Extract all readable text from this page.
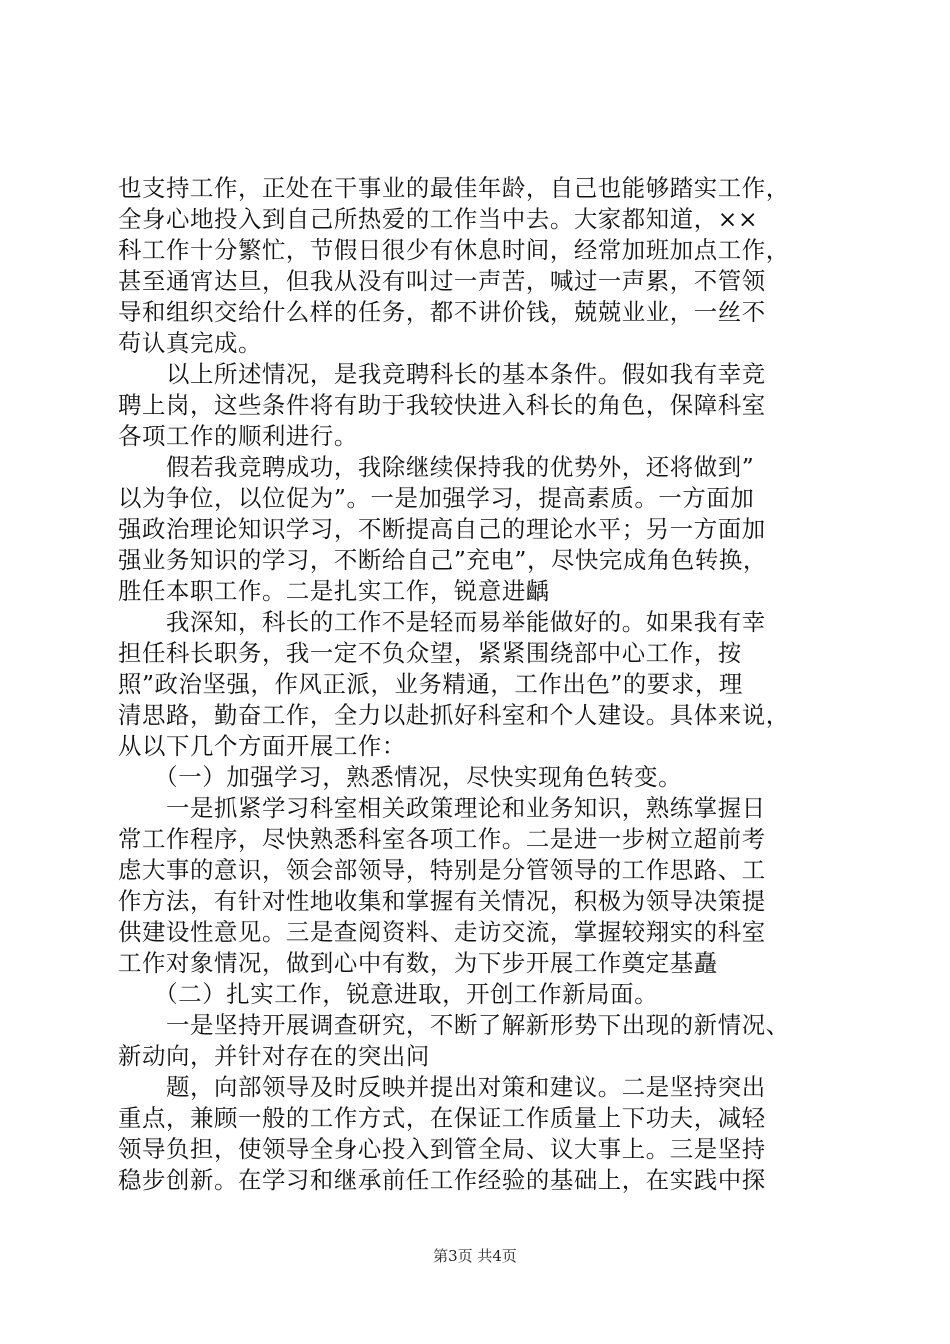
也支持工作，正处在干事业的最佳年龄，自己也能够踏实工作，
全身心地投入到自己所热爱的工作当中去。大家都知道，××
科工作十分繁忙，节假日很少有休息时间，经常加班加点工作，
甚至通宵达旦，但我从没有叫过一声苦，喊过一声累，不管领
导和组织交给什么样的任务，都不讲价钱，兢兢业业，一丝不
苟认真完成。
　　以上所述情况，是我竞聘科长的基本条件。假如我有幸竞
聘上岗，这些条件将有助于我较快进入科长的角色，保障科室
各项工作的顺利进行。
　　假若我竞聘成功，我除继续保持我的优势外，还将做到”
以为争位，以位促为”。一是加强学习，提高素质。一方面加
强政治理论知识学习，不断提高自己的理论水平；另一方面加
强业务知识的学习，不断给自己”充电”，尽快完成角色转换，
胜任本职工作。二是扎实工作，锐意进齲
　　我深知，科长的工作不是轻而易举能做好的。如果我有幸
担任科长职务，我一定不负众望，紧紧围绕部中心工作，按
照”政治坚强，作风正派，业务精通，工作出色”的要求，理
清思路，勤奋工作，全力以赴抓好科室和个人建设。具体来说，
从以下几个方面开展工作：
　　（一）加强学习，熟悉情况，尽快实现角色转变。
　　一是抓紧学习科室相关政策理论和业务知识，熟练掌握日
常工作程序，尽快熟悉科室各项工作。二是进一步树立超前考
虑大事的意识，领会部领导，特别是分管领导的工作思路、工
作方法，有针对性地收集和掌握有关情况，积极为领导决策提
供建设性意见。三是查阅资料、走访交流，掌握较翔实的科室
工作对象情况，做到心中有数，为下步开展工作奠定基矗
　　（二）扎实工作，锐意进取，开创工作新局面。
　　一是坚持开展调查研究，不断了解新形势下出现的新情况、
新动向，并针对存在的突出问
　　题，向部领导及时反映并提出对策和建议。二是坚持突出
重点，兼顾一般的工作方式，在保证工作质量上下功夫，减轻
领导负担，使领导全身心投入到管全局、议大事上。三是坚持
稳步创新。在学习和继承前任工作经验的基础上，在实践中探
第3页 共4页
